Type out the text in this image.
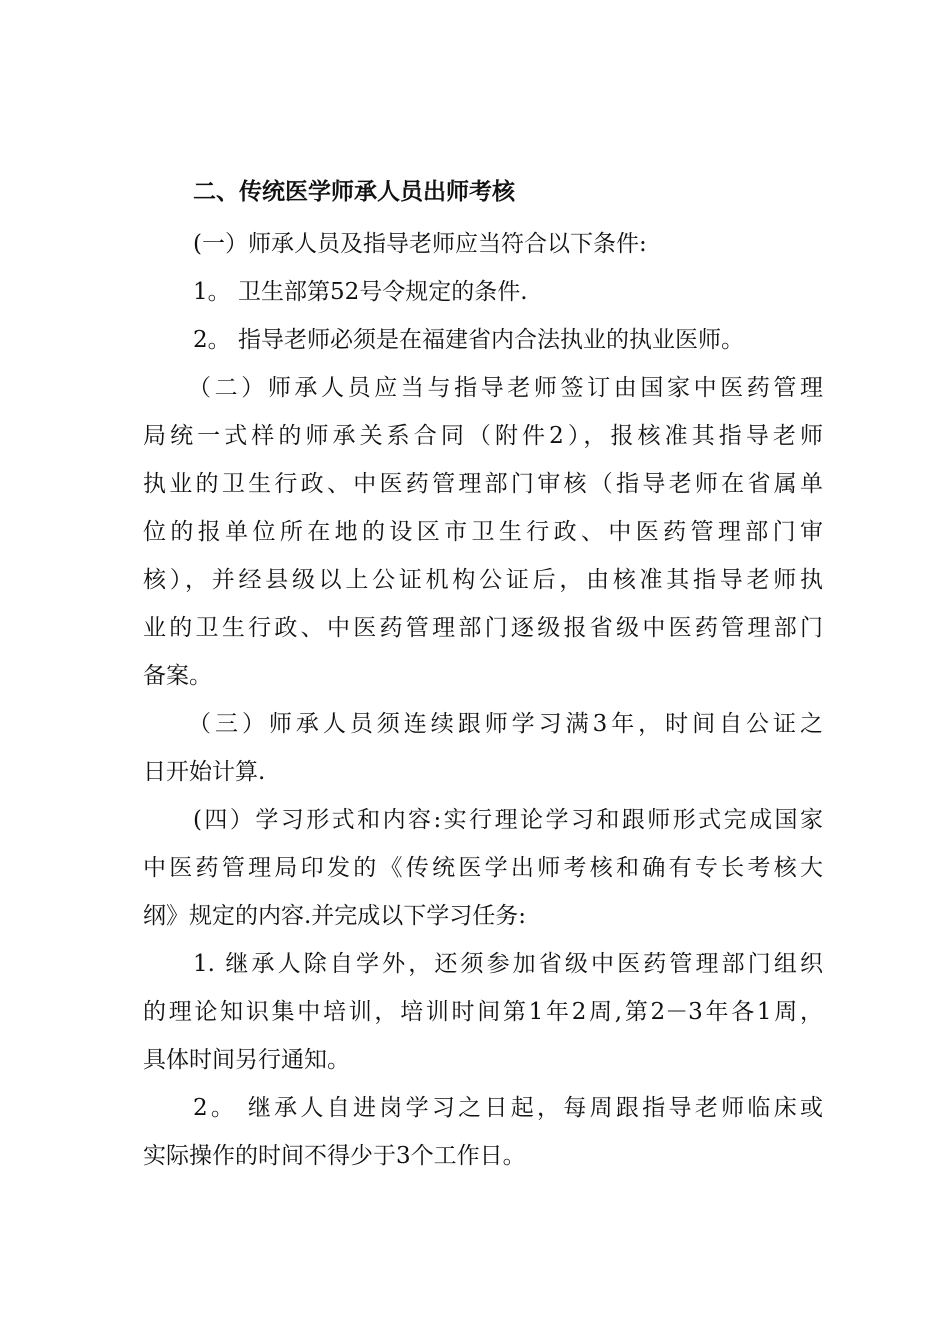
二、传统医学师承人员出师考核
(一）师承人员及指导老师应当符合以下条件:
1。 卫生部第52号令规定的条件.
2。 指导老师必须是在福建省内合法执业的执业医师。
（二）师承人员应当与指导老师签订由国家中医药管理
局统一式样的师承关系合同（附件2），报核准其指导老师
执业的卫生行政、中医药管理部门审核（指导老师在省属单
位的报单位所在地的设区市卫生行政、中医药管理部门审
核），并经县级以上公证机构公证后，由核准其指导老师执
业的卫生行政、中医药管理部门逐级报省级中医药管理部门
备案。
（三）师承人员须连续跟师学习满3年，时间自公证之
日开始计算.
(四）学习形式和内容:实行理论学习和跟师形式完成国家
中医药管理局印发的《传统医学出师考核和确有专长考核大
纲》规定的内容.并完成以下学习任务:
1. 继承人除自学外，还须参加省级中医药管理部门组织
的理论知识集中培训，培训时间第1年2周,第2－3年各1周，
具体时间另行通知。
2。 继承人自进岗学习之日起，每周跟指导老师临床或
实际操作的时间不得少于3个工作日。
